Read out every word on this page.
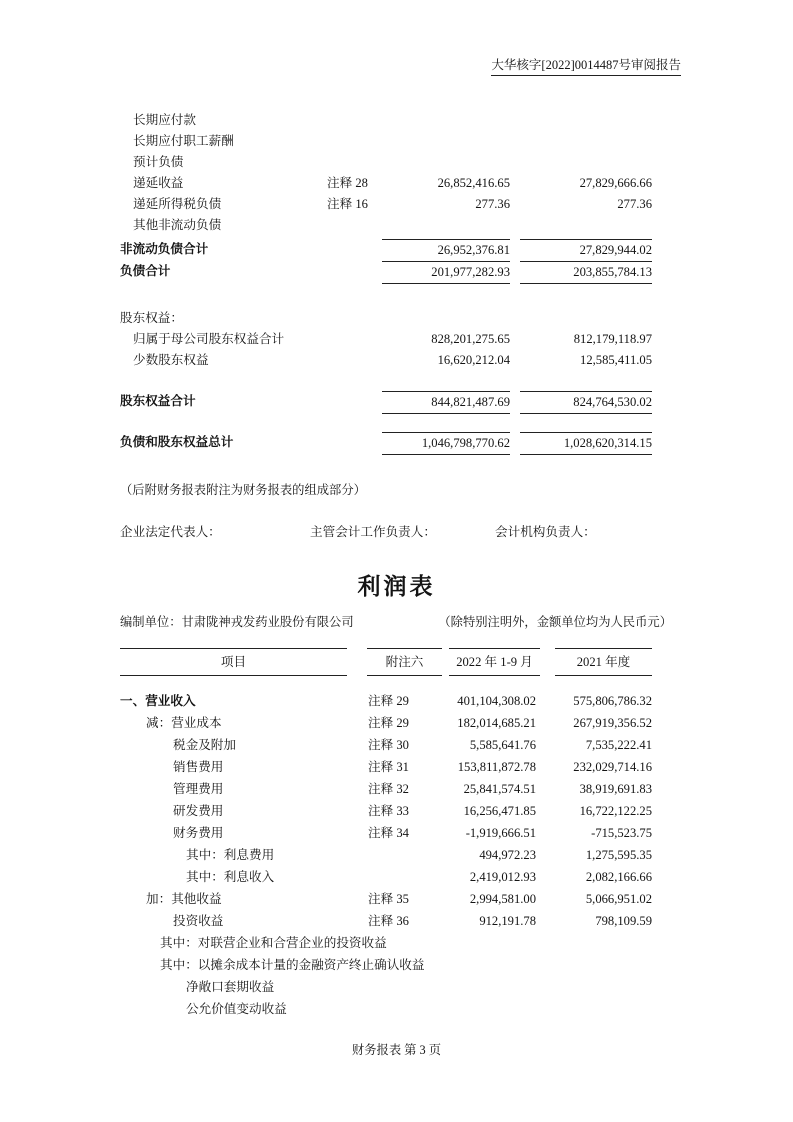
大华核字[2022]0014487号审阅报告
长期应付款
长期应付职工薪酬
预计负债
递延收益	注释 28	26,852,416.65	27,829,666.66
递延所得税负债	注释 16	277.36	277.36
其他非流动负债
非流动负债合计	26,952,376.81	27,829,944.02
负债合计	201,977,282.93	203,855,784.13
股东权益：
归属于母公司股东权益合计	828,201,275.65	812,179,118.97
少数股东权益	16,620,212.04	12,585,411.05
股东权益合计	844,821,487.69	824,764,530.02
负债和股东权益总计	1,046,798,770.62	1,028,620,314.15
（后附财务报表附注为财务报表的组成部分）
企业法定代表人：	主管会计工作负责人：	会计机构负责人：
利润表
编制单位：甘肃陇神戎发药业股份有限公司	（除特别注明外，金额单位均为人民币元）
项目	附注六	2022 年 1-9 月	2021 年度
一、营业收入	注释 29	401,104,308.02	575,806,786.32
减：营业成本	注释 29	182,014,685.21	267,919,356.52
税金及附加	注释 30	5,585,641.76	7,535,222.41
销售费用	注释 31	153,811,872.78	232,029,714.16
管理费用	注释 32	25,841,574.51	38,919,691.83
研发费用	注释 33	16,256,471.85	16,722,122.25
财务费用	注释 34	-1,919,666.51	-715,523.75
其中：利息费用	494,972.23	1,275,595.35
其中：利息收入	2,419,012.93	2,082,166.66
加：其他收益	注释 35	2,994,581.00	5,066,951.02
投资收益	注释 36	912,191.78	798,109.59
其中：对联营企业和合营企业的投资收益
其中：以摊余成本计量的金融资产终止确认收益
净敞口套期收益
公允价值变动收益
财务报表 第 3 页
